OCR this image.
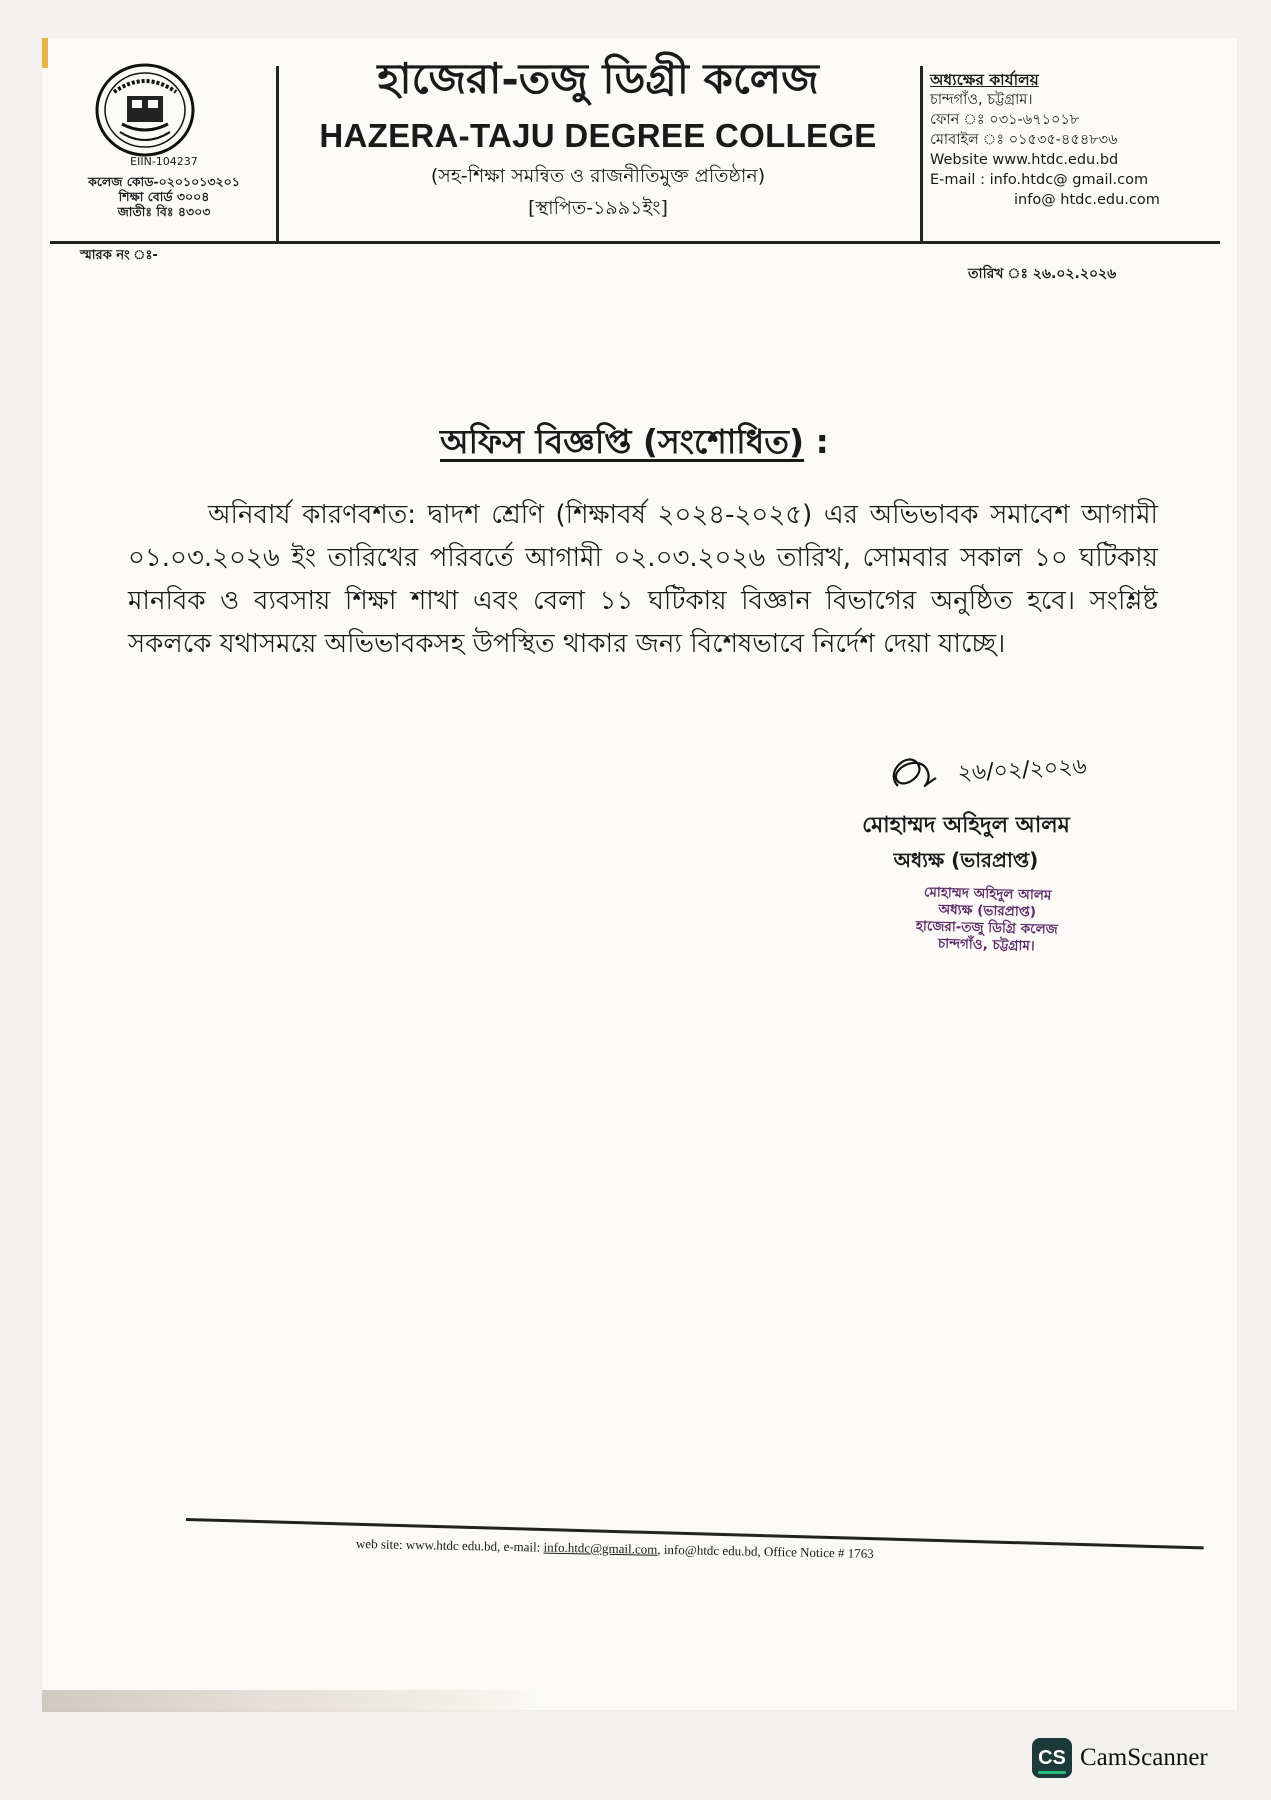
EIIN-104237
কলেজ কোড-০২০১০১৩২০১
শিক্ষা বোর্ড ৩০০৪
জাতীঃ বিঃ ৪৩০৩
হাজেরা-তজু ডিগ্রী কলেজ
HAZERA-TAJU DEGREE COLLEGE
(সহ-শিক্ষা সমন্বিত ও রাজনীতিমুক্ত প্রতিষ্ঠান)
[স্থাপিত-১৯৯১ইং]
অধ্যক্ষের কার্যালয়
চান্দগাঁও, চট্টগ্রাম।
ফোন ঃ ০৩১-৬৭১০১৮
মোবাইল ঃ ০১৫৩৫-৪৫৪৮৩৬
Website www.htdc.edu.bd
E-mail : info.htdc@ gmail.com
info@ htdc.edu.com
স্মারক নং ঃ-
তারিখ ঃ ২৬.০২.২০২৬
অফিস বিজ্ঞপ্তি (সংশোধিত) :
অনিবার্য কারণবশত: দ্বাদশ শ্রেণি (শিক্ষাবর্ষ ২০২৪-২০২৫) এর অভিভাবক সমাবেশ আগামী ০১.০৩.২০২৬ ইং তারিখের পরিবর্তে আগামী ০২.০৩.২০২৬ তারিখ, সোমবার সকাল ১০ ঘটিকায় মানবিক ও ব্যবসায় শিক্ষা শাখা এবং বেলা ১১ ঘটিকায় বিজ্ঞান বিভাগের অনুষ্ঠিত হবে। সংশ্লিষ্ট সকলকে যথাসময়ে অভিভাবকসহ উপস্থিত থাকার জন্য বিশেষভাবে নির্দেশ দেয়া যাচ্ছে।
২৬/০২/২০২৬
মোহাম্মদ অহিদুল আলম
অধ্যক্ষ (ভারপ্রাপ্ত)
মোহাম্মদ অহিদুল আলম
অধ্যক্ষ (ভারপ্রাপ্ত)
হাজেরা-তজু ডিগ্রি কলেজ
চান্দগাঁও, চট্টগ্রাম।
web site: www.htdc edu.bd, e-mail: info.htdc@gmail.com, info@htdc edu.bd, Office Notice # 1763
CS CamScanner
